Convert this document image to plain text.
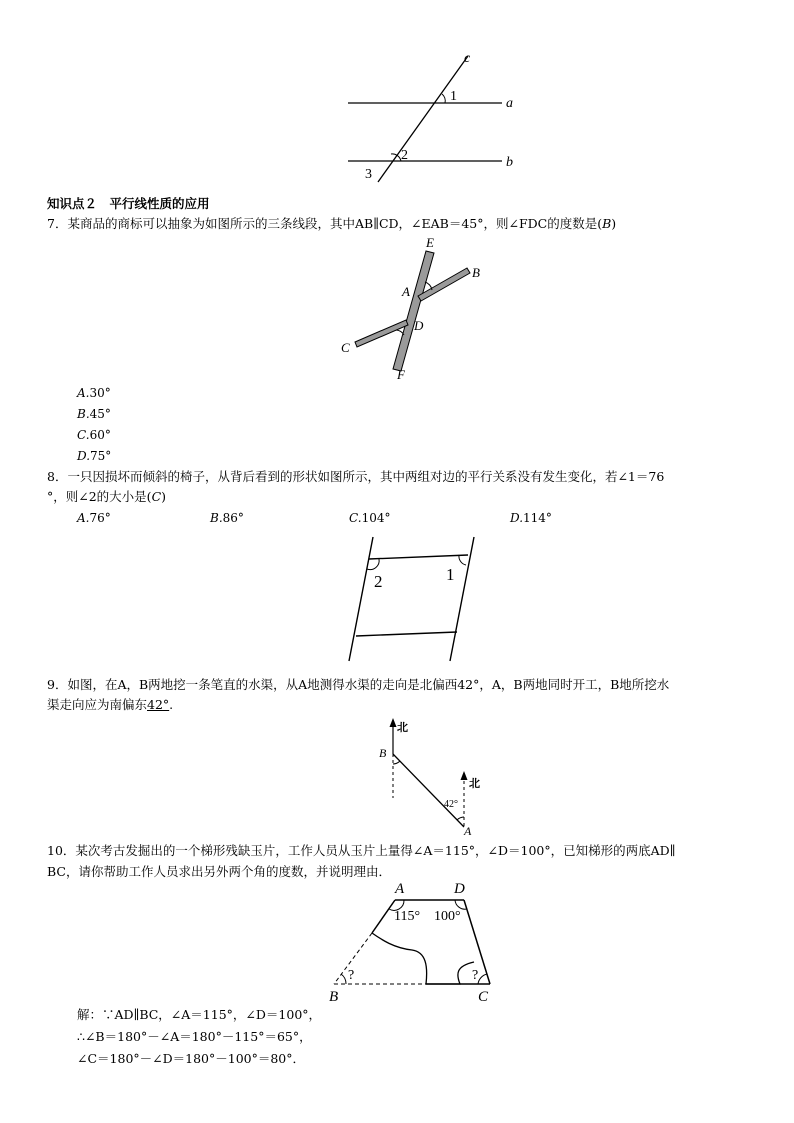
c
a
b
1
2
3
知识点２　平行线性质的应用
7．某商品的商标可以抽象为如图所示的三条线段，其中AB∥CD，∠EAB＝45°，则∠FDC的度数是(B)
E
B
A
D
C
F
A.30°
B.45°
C.60°
D.75°
8．一只因损坏而倾斜的椅子，从背后看到的形状如图所示，其中两组对边的平行关系没有发生变化，若∠1＝76
°，则∠2的大小是(C)
A.76°	B.86°	C.104°	D.114°
2	1
9．如图，在A，B两地挖一条笔直的水渠，从A地测得水渠的走向是北偏西42°，A，B两地同时开工，B地所挖水
渠走向应为南偏东42°.
北
北
B
A
42°
10．某次考古发掘出的一个梯形残缺玉片，工作人员从玉片上量得∠A＝115°，∠D＝100°，已知梯形的两底AD∥
BC，请你帮助工作人员求出另外两个角的度数，并说明理由．
A	D
B	C
115° 100°
?	?
解：∵AD∥BC，∠A＝115°，∠D＝100°，
∴∠B＝180°－∠A＝180°－115°＝65°，
∠C＝180°－∠D＝180°－100°＝80°．
